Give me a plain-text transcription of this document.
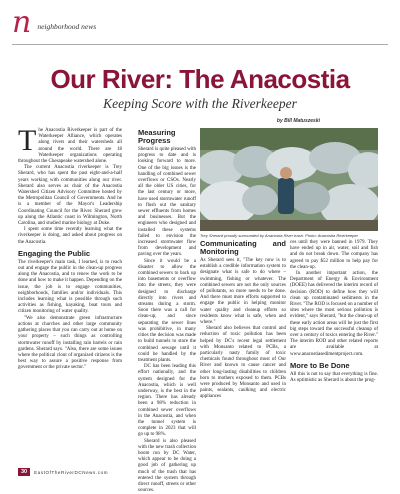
n neighborhood news
Our River: The Anacostia
Keeping Score with the Riverkeeper
by Bill Matuszeski
T he Anacostia Riverkeeper is part of the Waterkeeper Alliance, which operates along rivers and their watersheds all around the world. There are 18 Waterkeeper organizations operating throughout the Chesapeake watershed alone.

The current Anacostia riverkeeper is Trey Sherard, who has spent the past eight-and-a-half years working with communities along our river. Sherard also serves as chair of the Anacostia Watershed Citizen Advisory Committee hosted by the Metropolitan Council of Governments. And he is a member of the Mayor's Leadership Coordinating Council for the River. Sherard grew up along the Atlantic coast in Wilmington, North Carolina, and studied marine biology at Duke.

I spent some time recently learning what the riverkeeper is doing, and asked about progress on the Anacostia.

Engaging the Public

The riverkeeper's main task, I learned, is to reach out and engage the public in the clean-up progress along the Anacostia, and to renew the work to be done and how to make it happen. Depending on the issue, the job is to engage communities, neighborhoods, families and/or individuals. This includes learning what is possible through such activities as fishing, kayaking, boat tours and citizen monitoring of water quality.

"We also demonstrate green infrastructure actions at churches and other large community gathering places that you can carry out at home on your property – such things as controlling stormwater runoff by installing rain barrels or rain gardens. Sherard says. "Also, there are some issues where the political clout of organized citizens is the best way to assure a positive response from government or the private sector."

Measuring Progress

Sherard is quite pleased with progress to date and is looking forward to more. One of the big issues is the handling of combined sewer overflows or CSOs. Nearly all the older US cities, for the last century or more, have used stormwater runoff to flush out the sanitary sewer effluents from homes and businesses. But the engineers who designed and installed these systems failed to envision the increased stormwater flow from development and paving over the years.

Since it would be a disaster to allow the combined sewers to back up into basements or overflow into the streets, they were designed to discharge directly into rivers and streams during a storm. Soon there was a call for clean-up, and since separating the sewer lines was prohibitive, in many cities the decision was made to build tunnels to store the combined sewage until it could be handled by the treatment plants.

DC has been leading this effort nationally, and the system designed for the Anacostia, which is well underway, is the best in the region. There has already been a 98% reduction in combined sewer overflows in the Anacostia, and when the tunnel system is complete in 2023 that will go up to 98%.

Sherard is also pleased with the new trash collection boom run by DC Water, which appear to be doing a good job of gathering up much of the trash that has entered the system through direct runoff, streets or other sources.

Trey Sherard proudly surrounded by Anacostia River trash. Photo: Anacostia Riverkeeper
Communicating and Monitoring

As Sherard sees it, "The key now is to establish a credible information system to designate what is safe to do where – swimming, fishing or whatever. The combined sewers are not the only sources of pollutants, so more needs to be done. And there must more efforts supported to engage the public in helping monitor water quality and cleanup efforts so residents know what is safe, when and where."

Sherard also believes that control and reduction of toxic pollution has been helped by DC's recent legal settlement with Monsanto related to PCBs, a particularly nasty family of toxic chemicals found throughout most of Our River and known to cause cancer and other long-lasting disabilities to children born to mothers exposed to them. PCBs were produced by Monsanto and used in paints, sealants, caulking and electric appliances

ces until they were banned in 1979. They have ended up in air, water, soil and fish and do not break down. The company has agreed to pay $52 million to help pay for the clean-up.

In another important action, the Department of Energy & Environment (DOEE) has delivered the interim record of decision (ROD) to define how they will clean up contaminated sediments in the River. "The ROD is focused on a number of sites where the most serious pollution is evident," says Sherard, "but the clean-up of these early action areas will be just the first big steps toward the successful cleanup of over a century of toxics entering the River." The interim ROD and other related reports are available at www.anacostiasedimentproject.com.

More to Be Done

All this is not to say that everything is fine. As optimistic as Sherard is about the prog-

30	EastOfTheRiverDCNews.com
